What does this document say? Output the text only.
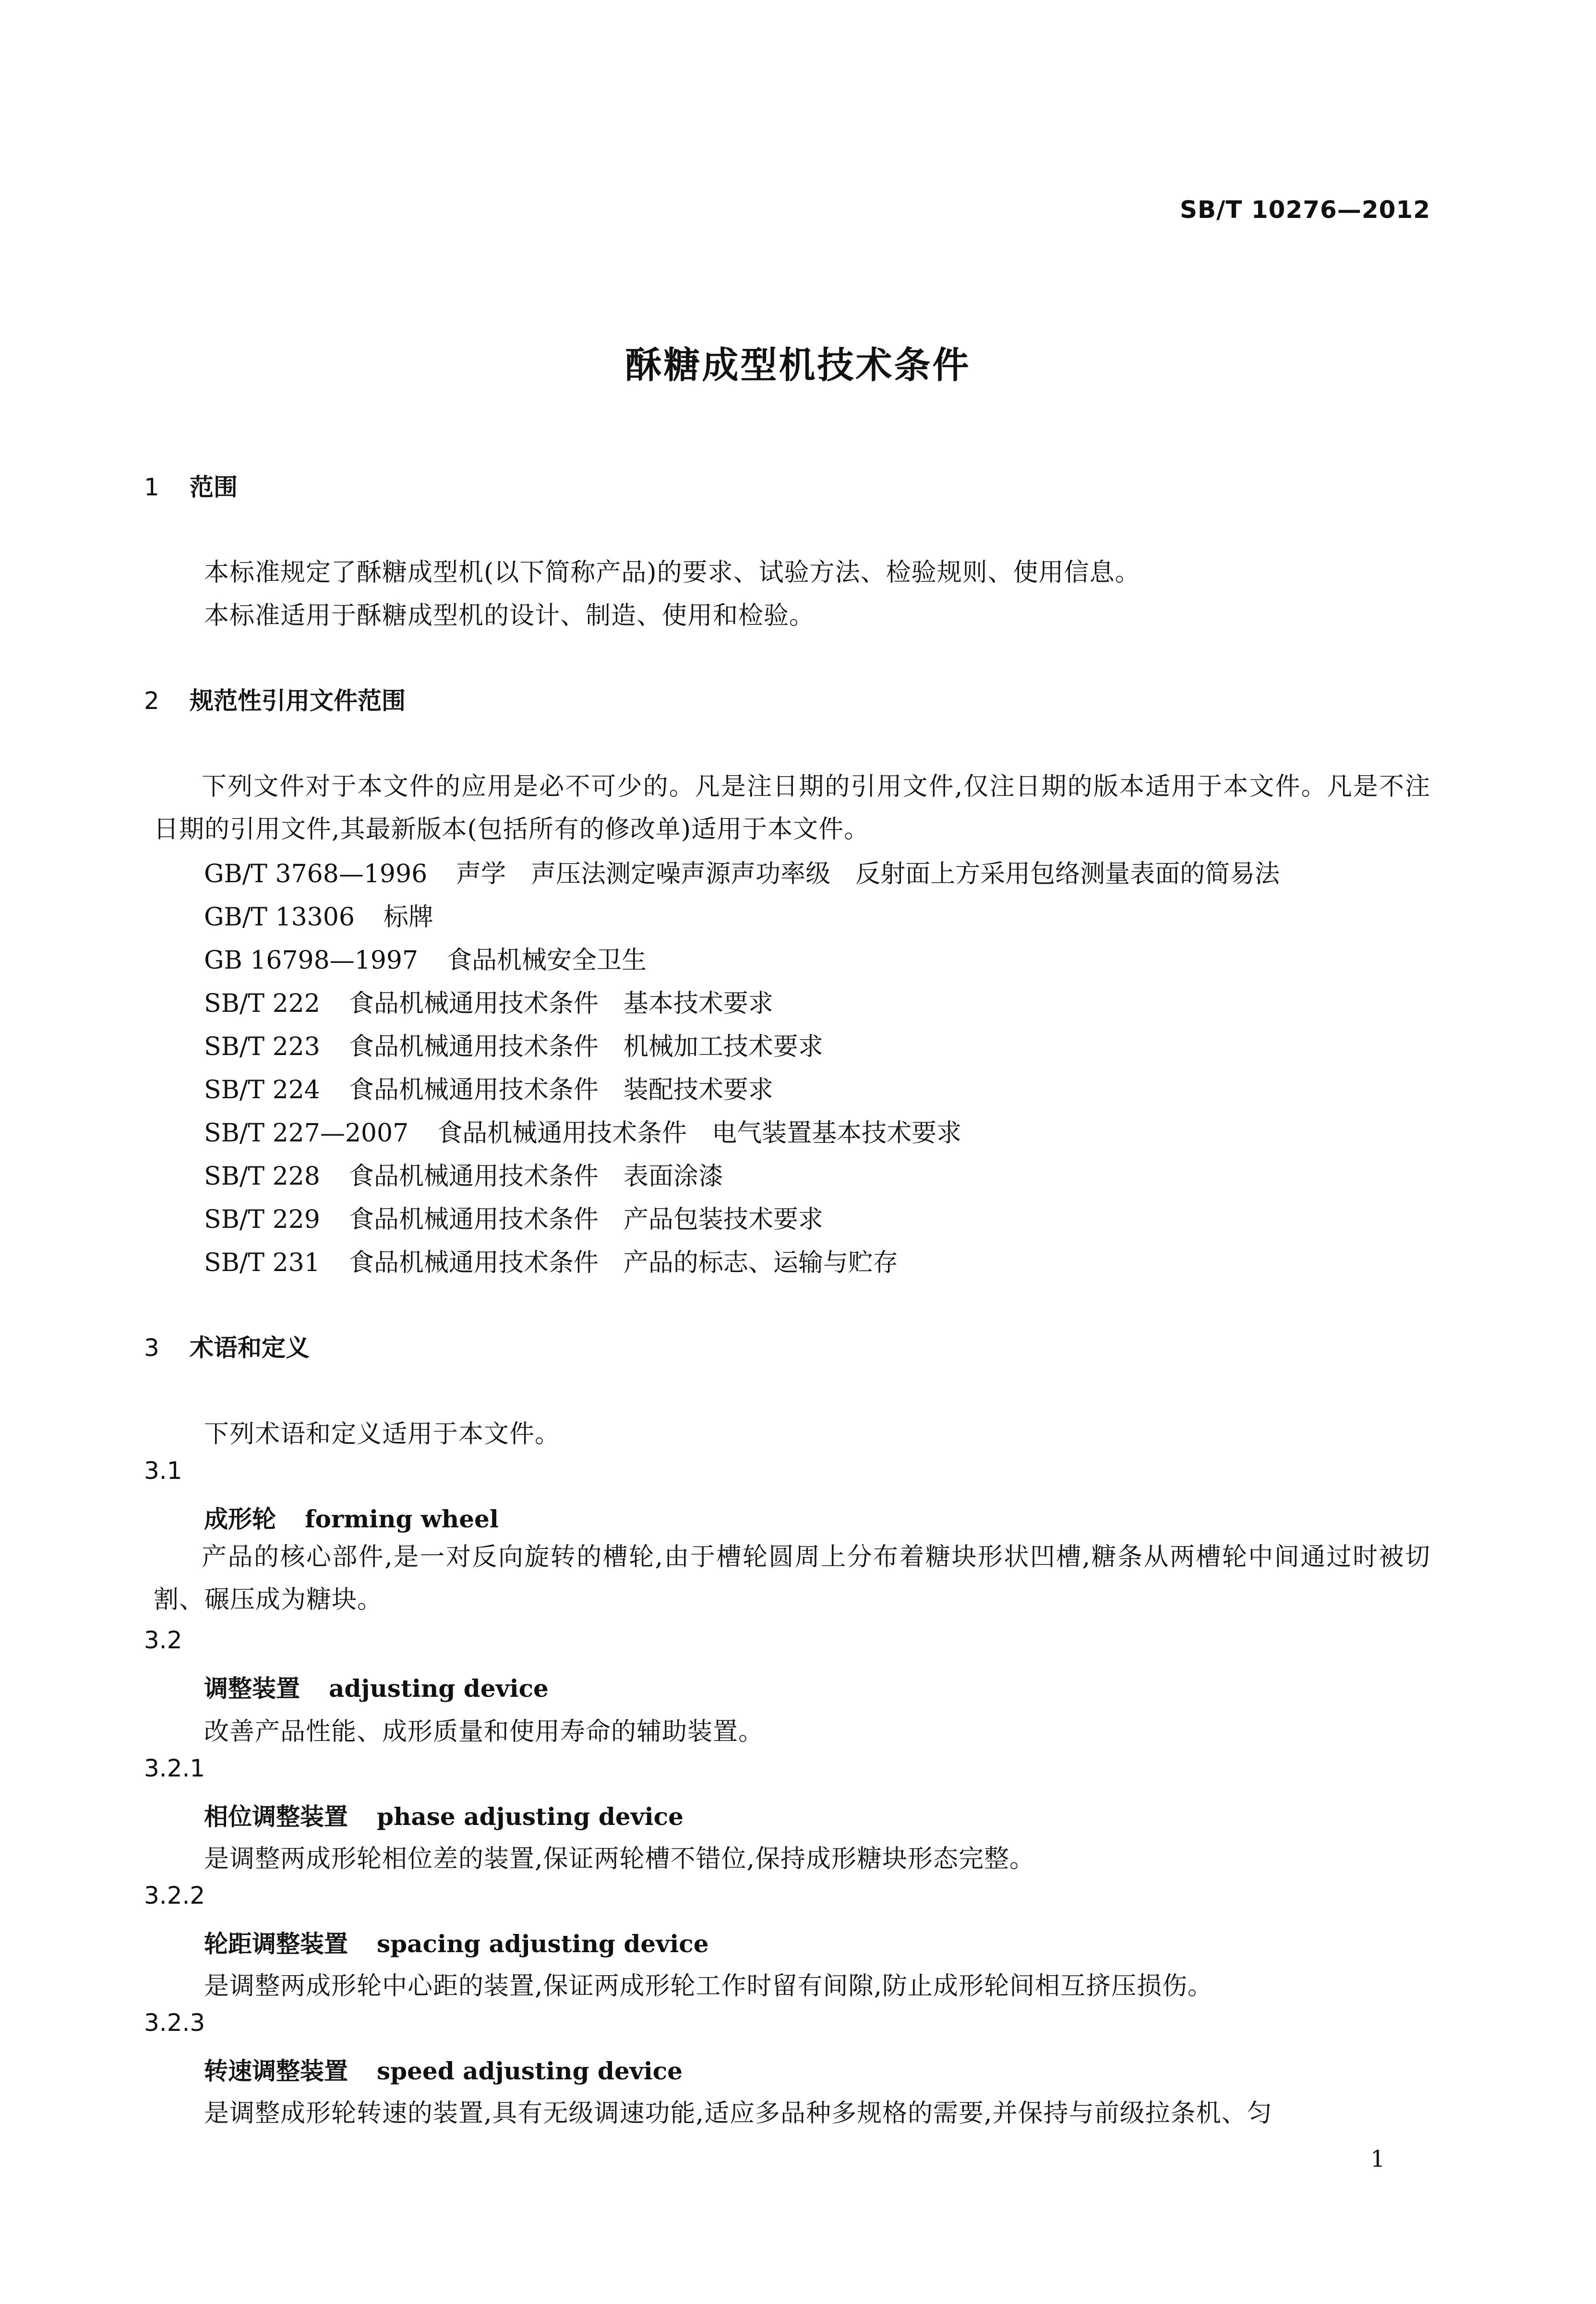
SB/T 10276—2012
酥糖成型机技术条件
1 范围
本标准规定了酥糖成型机(以下简称产品)的要求、试验方法、检验规则、使用信息。
本标准适用于酥糖成型机的设计、制造、使用和检验。
2 规范性引用文件范围
下列文件对于本文件的应用是必不可少的。凡是注日期的引用文件,仅注日期的版本适用于本文件。凡是不注日期的引用文件,其最新版本(包括所有的修改单)适用于本文件。
GB/T 3768—1996 声学　声压法测定噪声源声功率级　反射面上方采用包络测量表面的简易法
GB/T 13306 标牌
GB 16798—1997 食品机械安全卫生
SB/T 222 食品机械通用技术条件　基本技术要求
SB/T 223 食品机械通用技术条件　机械加工技术要求
SB/T 224 食品机械通用技术条件　装配技术要求
SB/T 227—2007 食品机械通用技术条件　电气装置基本技术要求
SB/T 228 食品机械通用技术条件　表面涂漆
SB/T 229 食品机械通用技术条件　产品包装技术要求
SB/T 231 食品机械通用技术条件　产品的标志、运输与贮存
3 术语和定义
下列术语和定义适用于本文件。
3.1
成形轮 forming wheel
产品的核心部件,是一对反向旋转的槽轮,由于槽轮圆周上分布着糖块形状凹槽,糖条从两槽轮中间通过时被切割、碾压成为糖块。
3.2
调整装置 adjusting device
改善产品性能、成形质量和使用寿命的辅助装置。
3.2.1
相位调整装置 phase adjusting device
是调整两成形轮相位差的装置,保证两轮槽不错位,保持成形糖块形态完整。
3.2.2
轮距调整装置 spacing adjusting device
是调整两成形轮中心距的装置,保证两成形轮工作时留有间隙,防止成形轮间相互挤压损伤。
3.2.3
转速调整装置 speed adjusting device
是调整成形轮转速的装置,具有无级调速功能,适应多品种多规格的需要,并保持与前级拉条机、匀
1
